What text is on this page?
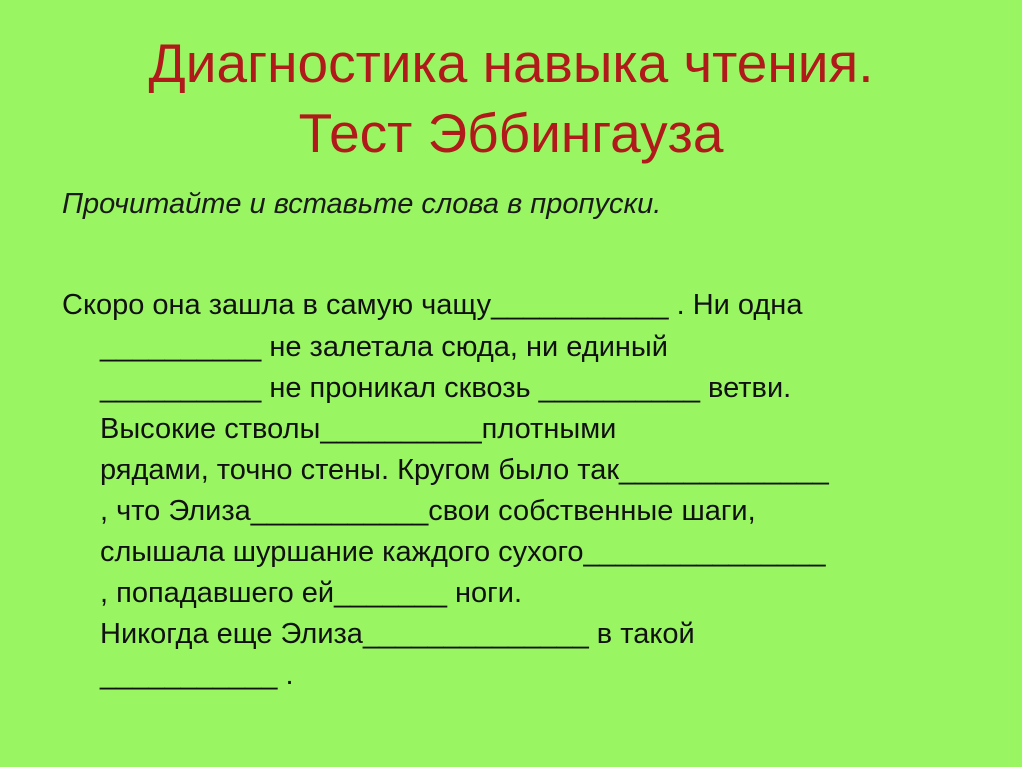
Диагностика навыка чтения.
Тест Эббингауза
Прочитайте и вставьте слова в пропуски.
Скоро она зашла в самую чащу___________ . Ни одна
__________ не залетала сюда, ни единый
__________ не проникал сквозь __________ ветви.
Высокие стволы__________плотными
рядами, точно стены. Кругом было так_____________
, что Элиза___________свои собственные шаги,
слышала шуршание каждого сухого_______________
, попадавшего ей_______ ноги.
Никогда еще Элиза______________ в такой
___________ .
